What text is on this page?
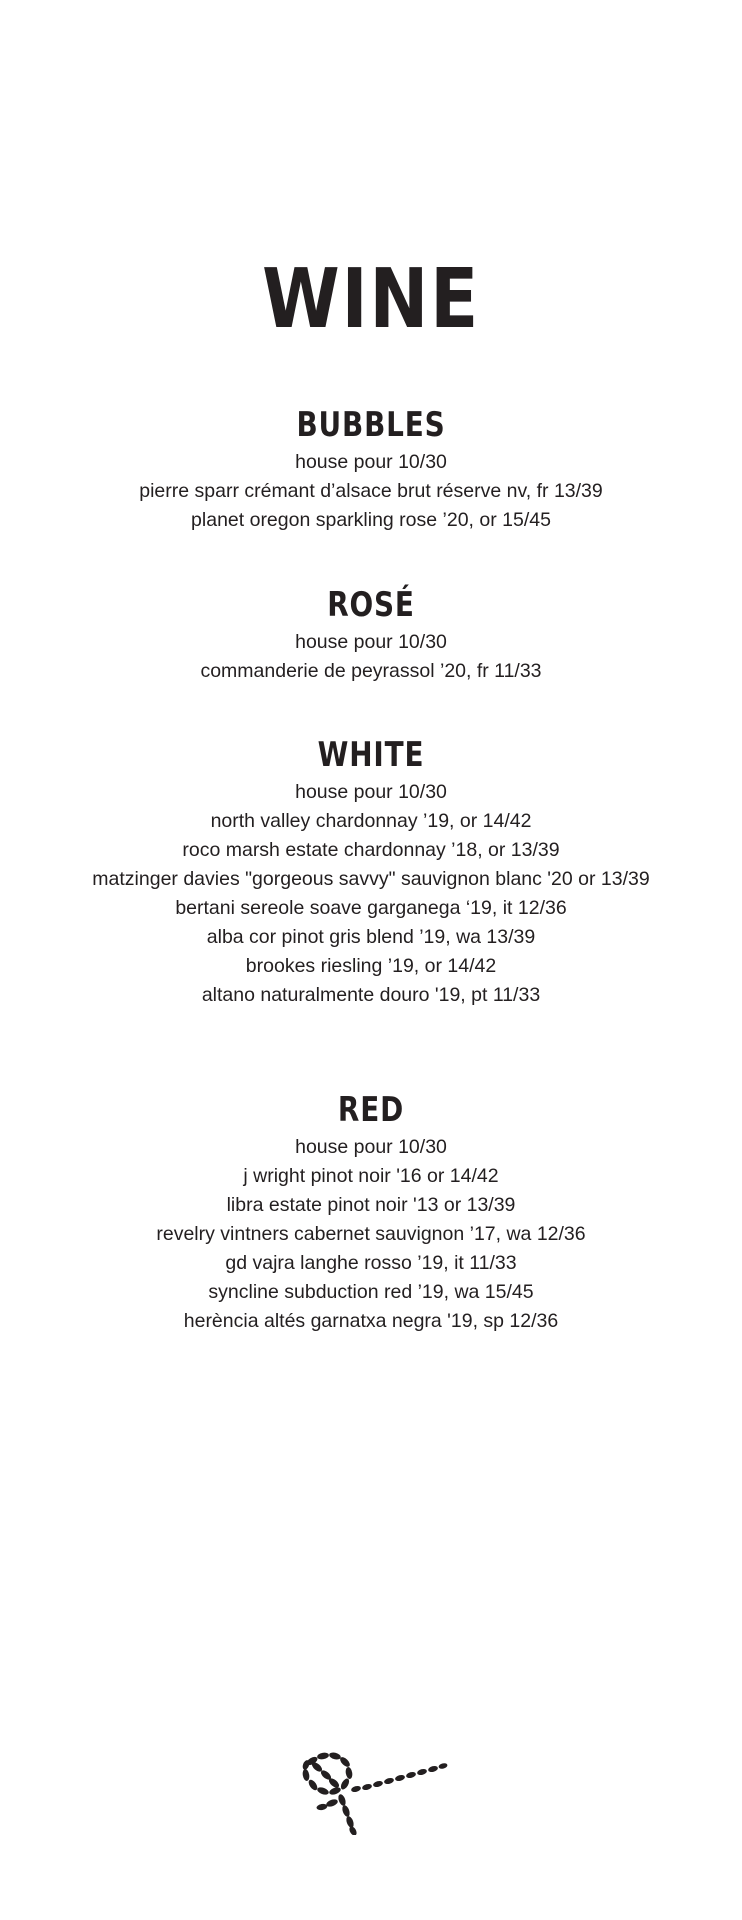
WINE
BUBBLES
house pour 10/30
pierre sparr crémant d’alsace brut réserve nv, fr 13/39
planet oregon sparkling rose ’20, or 15/45
ROSÉ
house pour 10/30
commanderie de peyrassol ’20, fr 11/33
WHITE
house pour 10/30
north valley chardonnay ’19, or 14/42
roco marsh estate chardonnay ’18, or 13/39
matzinger davies "gorgeous savvy" sauvignon blanc '20 or 13/39
bertani sereole soave garganega ‘19, it 12/36
alba cor pinot gris blend ’19, wa 13/39
brookes riesling ’19, or 14/42
altano naturalmente douro '19, pt 11/33
RED
house pour 10/30
j wright pinot noir '16 or 14/42
libra estate pinot noir '13 or 13/39
revelry vintners cabernet sauvignon ’17, wa 12/36
gd vajra langhe rosso ’19, it 11/33
syncline subduction red ’19, wa 15/45
herència altés garnatxa negra '19, sp 12/36
